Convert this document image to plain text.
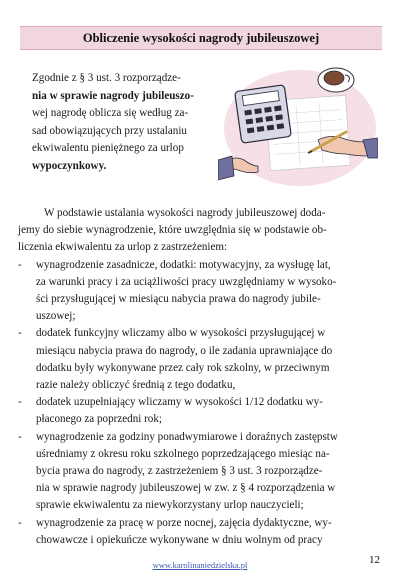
Obliczenie wysokości nagrody jubileuszowej
Zgodnie z § 3 ust. 3 rozporządze-
nia w sprawie nagrody jubileuszo-
wej nagrodę oblicza się według za-
sad obowiązujących przy ustalaniu
ekwiwalentu pieniężnego za urlop
wypoczynkowy.
W podstawie ustalania wysokości nagrody jubileuszowej doda-
jemy do siebie wynagrodzenie, które uwzględnia się w podstawie ob-
liczenia ekwiwalentu za urlop z zastrzeżeniem:
- wynagrodzenie zasadnicze, dodatki: motywacyjny, za wysługę lat,
za warunki pracy i za uciążliwości pracy uwzględniamy w wysoko-
ści przysługującej w miesiącu nabycia prawa do nagrody jubile-
uszowej;
- dodatek funkcyjny wliczamy albo w wysokości przysługującej w
miesiącu nabycia prawa do nagrody, o ile zadania uprawniające do
dodatku były wykonywane przez cały rok szkolny, w przeciwnym
razie należy obliczyć średnią z tego dodatku,
- dodatek uzupełniający wliczamy w wysokości 1/12 dodatku wy-
płaconego za poprzedni rok;
- wynagrodzenie za godziny ponadwymiarowe i doraźnych zastępstw
uśredniamy z okresu roku szkolnego poprzedzającego miesiąc na-
bycia prawa do nagrody, z zastrzeżeniem § 3 ust. 3 rozporządze-
nia w sprawie nagrody jubileuszowej w zw. z § 4 rozporządzenia w
sprawie ekwiwalentu za niewykorzystany urlop nauczycieli;
- wynagrodzenie za pracę w porze nocnej, zajęcia dydaktyczne, wy-
chowawcze i opiekuńcze wykonywane w dniu wolnym od pracy
www.karolinaniedzielska.pl	12
